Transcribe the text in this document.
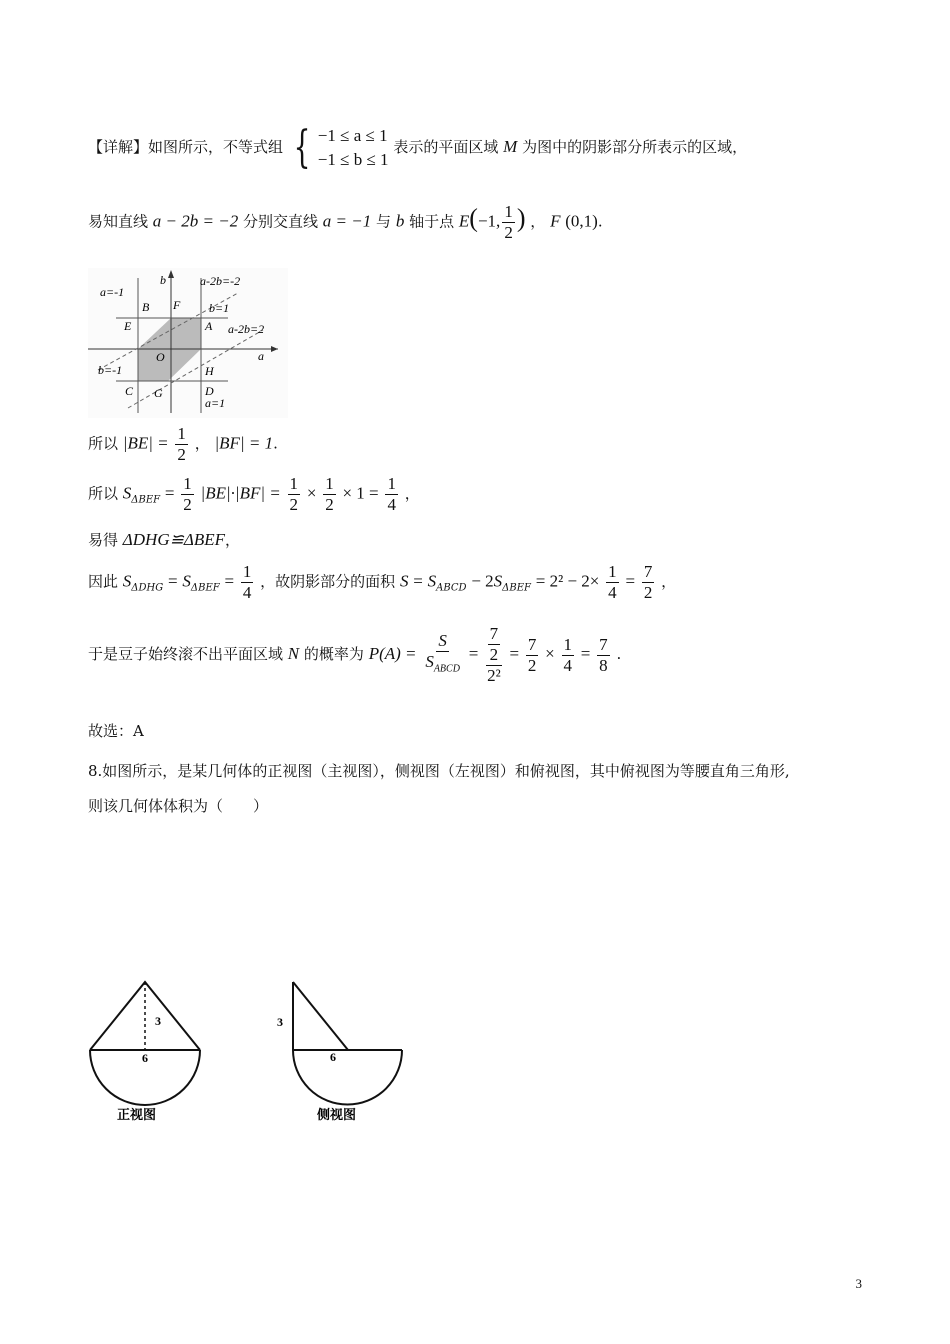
【详解】如图所示，不等式组 { −1 ≤ a ≤ 1
−1 ≤ b ≤ 1
表示的平面区域 M 为图中的阴影部分所表示的区域，
易知直线 a − 2b = −2 分别交直线 a = −1 与 b 轴于点 E(−1, $\frac{1}{2}$ ) ， F (0,1).
a=-1
b	a-2b=-2
B F b=1
E	A a-2b=2
O	a
b=-1	H
C G	D
a=1
所以 $|BE| = \frac{1}{2}$ ， |BF| = 1.
所以 $S_{\Delta BEF} = \frac{1}{2} |BE|\cdot|BF| = \frac{1}{2} \times \frac{1}{2} \times 1 = \frac{1}{4}$ ，
易得 ΔDHG≌ΔBEF，
因此 $S_{\Delta DHG} = S_{\Delta BEF} = \frac{1}{4}$ ，故阴影部分的面积 $S = S_{ABCD} - 2S_{\Delta BEF} = 2^2 - 2\times \frac{1}{4} = \frac{7}{2}$ ，
于是豆子始终滚不出平面区域 N 的概率为 $P(A) = \frac{S}{S_{ABCD}} = \frac{\frac{7}{2}}{\text{2²}} = \frac{7}{2} \times \frac{1}{4} = \frac{7}{8}$ .
故选：A
8.如图所示，是某几何体的正视图（主视图），侧视图（左视图）和俯视图，其中俯视图为等腰直角三角形,
则该几何体体积为（　　）
3
6
正视图
3
6
侧视图
3
